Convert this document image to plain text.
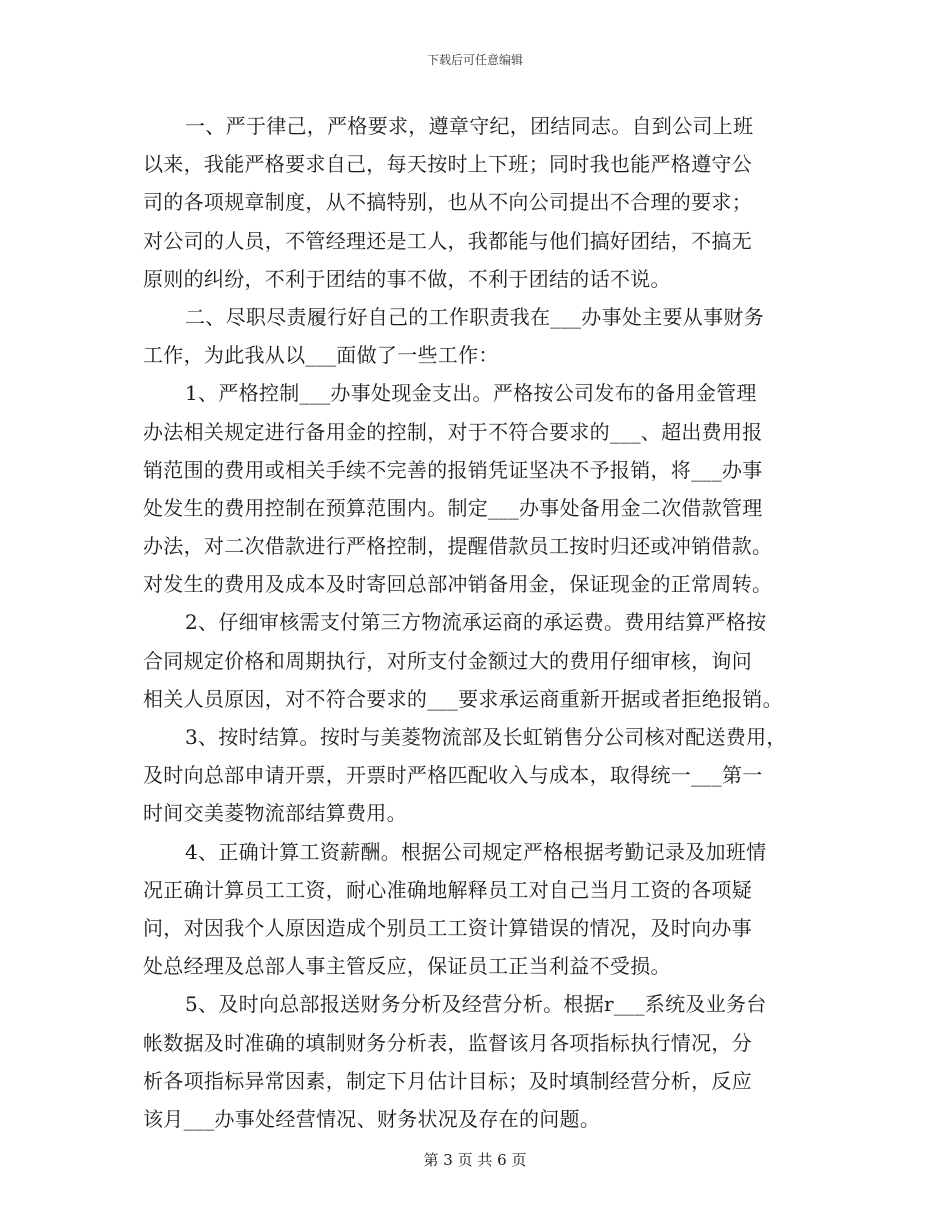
下载后可任意编辑
一、严于律己，严格要求，遵章守纪，团结同志。自到公司上班
以来，我能严格要求自己，每天按时上下班；同时我也能严格遵守公
司的各项规章制度，从不搞特别，也从不向公司提出不合理的要求；
对公司的人员，不管经理还是工人，我都能与他们搞好团结，不搞无
原则的纠纷，不利于团结的事不做，不利于团结的话不说。
二、尽职尽责履行好自己的工作职责我在___办事处主要从事财务
工作，为此我从以___面做了一些工作：
1、严格控制___办事处现金支出。严格按公司发布的备用金管理
办法相关规定进行备用金的控制，对于不符合要求的___、超出费用报
销范围的费用或相关手续不完善的报销凭证坚决不予报销，将___办事
处发生的费用控制在预算范围内。制定___办事处备用金二次借款管理
办法，对二次借款进行严格控制，提醒借款员工按时归还或冲销借款。
对发生的费用及成本及时寄回总部冲销备用金，保证现金的正常周转。
2、仔细审核需支付第三方物流承运商的承运费。费用结算严格按
合同规定价格和周期执行，对所支付金额过大的费用仔细审核，询问
相关人员原因，对不符合要求的___要求承运商重新开据或者拒绝报销。
3、按时结算。按时与美菱物流部及长虹销售分公司核对配送费用，
及时向总部申请开票，开票时严格匹配收入与成本，取得统一___第一
时间交美菱物流部结算费用。
4、正确计算工资薪酬。根据公司规定严格根据考勤记录及加班情
况正确计算员工工资，耐心准确地解释员工对自己当月工资的各项疑
问，对因我个人原因造成个别员工工资计算错误的情况，及时向办事
处总经理及总部人事主管反应，保证员工正当利益不受损。
5、及时向总部报送财务分析及经营分析。根据r___系统及业务台
帐数据及时准确的填制财务分析表，监督该月各项指标执行情况，分
析各项指标异常因素，制定下月估计目标；及时填制经营分析，反应
该月___办事处经营情况、财务状况及存在的问题。
第 3 页 共 6 页
